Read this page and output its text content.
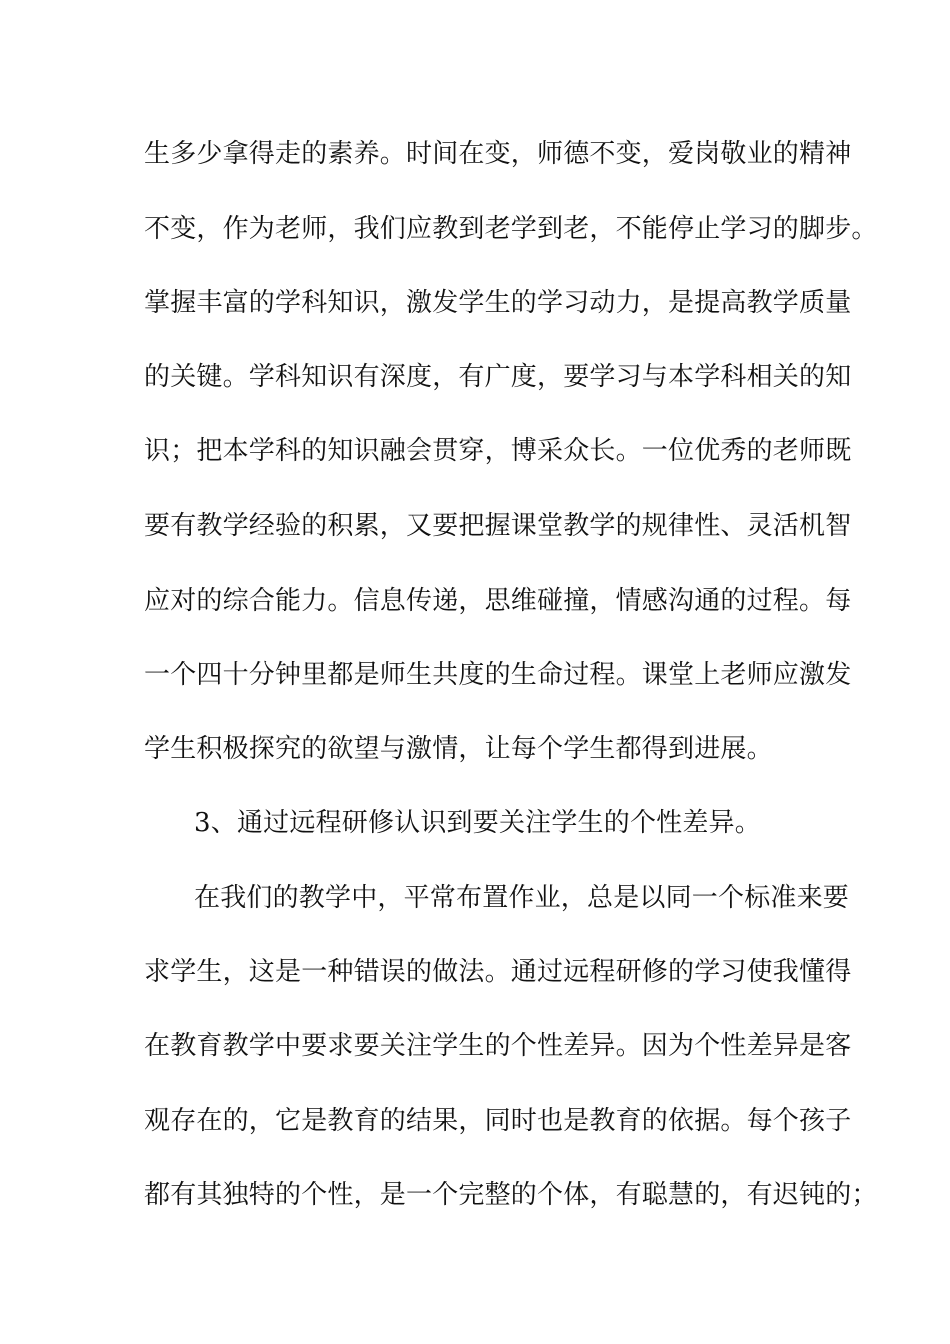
生多少拿得走的素养。时间在变，师德不变，爱岗敬业的精神
不变，作为老师，我们应教到老学到老，不能停止学习的脚步。
掌握丰富的学科知识，激发学生的学习动力，是提高教学质量
的关键。学科知识有深度，有广度，要学习与本学科相关的知
识；把本学科的知识融会贯穿，博采众长。一位优秀的老师既
要有教学经验的积累，又要把握课堂教学的规律性、灵活机智
应对的综合能力。信息传递，思维碰撞，情感沟通的过程。每
一个四十分钟里都是师生共度的生命过程。课堂上老师应激发
学生积极探究的欲望与激情，让每个学生都得到进展。
3、通过远程研修认识到要关注学生的个性差异。
在我们的教学中，平常布置作业，总是以同一个标准来要
求学生，这是一种错误的做法。通过远程研修的学习使我懂得
在教育教学中要求要关注学生的个性差异。因为个性差异是客
观存在的，它是教育的结果，同时也是教育的依据。每个孩子
都有其独特的个性，是一个完整的个体，有聪慧的，有迟钝的；
